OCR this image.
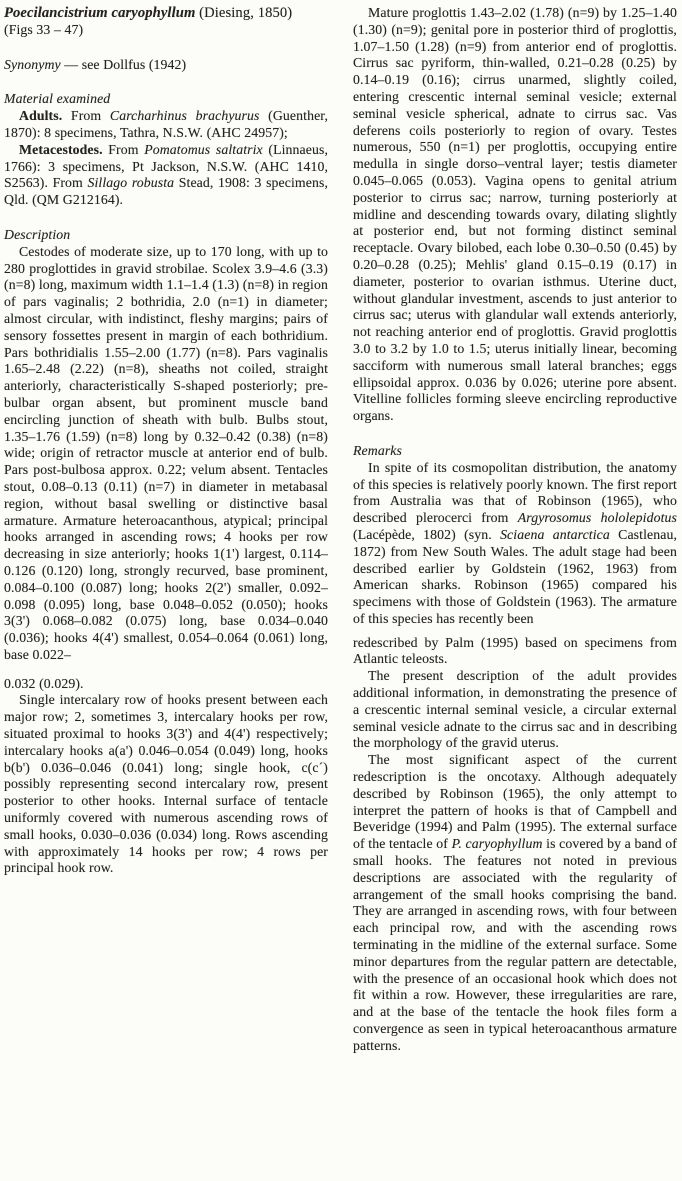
Poecilancistrium caryophyllum (Diesing, 1850)

(Figs 33 – 47)

Synonymy — see Dollfus (1942)

Material examined

Adults. From Carcharhinus brachyurus (Guenther, 1870): 8 specimens, Tathra, N.S.W. (AHC 24957);

Metacestodes. From Pomatomus saltatrix (Linnaeus, 1766): 3 specimens, Pt Jackson, N.S.W. (AHC 1410, S2563). From Sillago robusta Stead, 1908: 3 specimens, Qld. (QM G212164).

Description

Cestodes of moderate size, up to 170 long, with up to 280 proglottides in gravid strobilae. Scolex 3.9–4.6 (3.3) (n=8) long, maximum width 1.1–1.4 (1.3) (n=8) in region of pars vaginalis; 2 bothridia, 2.0 (n=1) in diameter; almost circular, with indistinct, fleshy margins; pairs of sensory fossettes present in margin of each bothridium. Pars bothridialis 1.55–2.00 (1.77) (n=8). Pars vaginalis 1.65–2.48 (2.22) (n=8), sheaths not coiled, straight anteriorly, characteristically S-shaped posteriorly; pre-bulbar organ absent, but prominent muscle band encircling junction of sheath with bulb. Bulbs stout, 1.35–1.76 (1.59) (n=8) long by 0.32–0.42 (0.38) (n=8) wide; origin of retractor muscle at anterior end of bulb. Pars post-bulbosa approx. 0.22; velum absent. Tentacles stout, 0.08–0.13 (0.11) (n=7) in diameter in metabasal region, without basal swelling or distinctive basal armature. Armature heteroacanthous, atypical; principal hooks arranged in ascending rows; 4 hooks per row decreasing in size anteriorly; hooks 1(1') largest, 0.114–0.126 (0.120) long, strongly recurved, base prominent, 0.084–0.100 (0.087) long; hooks 2(2') smaller, 0.092–0.098 (0.095) long, base 0.048–0.052 (0.050); hooks 3(3') 0.068–0.082 (0.075) long, base 0.034–0.040 (0.036); hooks 4(4') smallest, 0.054–0.064 (0.061) long, base 0.022–

0.032 (0.029).

Single intercalary row of hooks present between each major row; 2, sometimes 3, intercalary hooks per row, situated proximal to hooks 3(3') and 4(4') respectively; intercalary hooks a(a') 0.046–0.054 (0.049) long, hooks b(b') 0.036–0.046 (0.041) long; single hook, c(c´) possibly representing second intercalary row, present posterior to other hooks. Internal surface of tentacle uniformly covered with numerous ascending rows of small hooks, 0.030–0.036 (0.034) long. Rows ascending with approximately 14 hooks per row; 4 rows per principal hook row.

Mature proglottis 1.43–2.02 (1.78) (n=9) by 1.25–1.40 (1.30) (n=9); genital pore in posterior third of proglottis, 1.07–1.50 (1.28) (n=9) from anterior end of proglottis. Cirrus sac pyriform, thin-walled, 0.21–0.28 (0.25) by 0.14–0.19 (0.16); cirrus unarmed, slightly coiled, entering crescentic internal seminal vesicle; external seminal vesicle spherical, adnate to cirrus sac. Vas deferens coils posteriorly to region of ovary. Testes numerous, 550 (n=1) per proglottis, occupying entire medulla in single dorso–ventral layer; testis diameter 0.045–0.065 (0.053). Vagina opens to genital atrium posterior to cirrus sac; narrow, turning posteriorly at midline and descending towards ovary, dilating slightly at posterior end, but not forming distinct seminal receptacle. Ovary bilobed, each lobe 0.30–0.50 (0.45) by 0.20–0.28 (0.25); Mehlis' gland 0.15–0.19 (0.17) in diameter, posterior to ovarian isthmus. Uterine duct, without glandular investment, ascends to just anterior to cirrus sac; uterus with glandular wall extends anteriorly, not reaching anterior end of proglottis. Gravid proglottis 3.0 to 3.2 by 1.0 to 1.5; uterus initially linear, becoming sacciform with numerous small lateral branches; eggs ellipsoidal approx. 0.036 by 0.026; uterine pore absent. Vitelline follicles forming sleeve encircling reproductive organs.

Remarks

In spite of its cosmopolitan distribution, the anatomy of this species is relatively poorly known. The first report from Australia was that of Robinson (1965), who described plerocerci from Argyrosomus hololepidotus (Lacépède, 1802) (syn. Sciaena antarctica Castlenau, 1872) from New South Wales. The adult stage had been described earlier by Goldstein (1962, 1963) from American sharks. Robinson (1965) compared his specimens with those of Goldstein (1963). The armature of this species has recently been

redescribed by Palm (1995) based on specimens from Atlantic teleosts.

The present description of the adult provides additional information, in demonstrating the presence of a crescentic internal seminal vesicle, a circular external seminal vesicle adnate to the cirrus sac and in describing the morphology of the gravid uterus.

The most significant aspect of the current redescription is the oncotaxy. Although adequately described by Robinson (1965), the only attempt to interpret the pattern of hooks is that of Campbell and Beveridge (1994) and Palm (1995). The external surface of the tentacle of P. caryophyllum is covered by a band of small hooks. The features not noted in previous descriptions are associated with the regularity of arrangement of the small hooks comprising the band. They are arranged in ascending rows, with four between each principal row, and with the ascending rows terminating in the midline of the external surface. Some minor departures from the regular pattern are detectable, with the presence of an occasional hook which does not fit within a row. However, these irregularities are rare, and at the base of the tentacle the hook files form a convergence as seen in typical heteroacanthous armature patterns.
